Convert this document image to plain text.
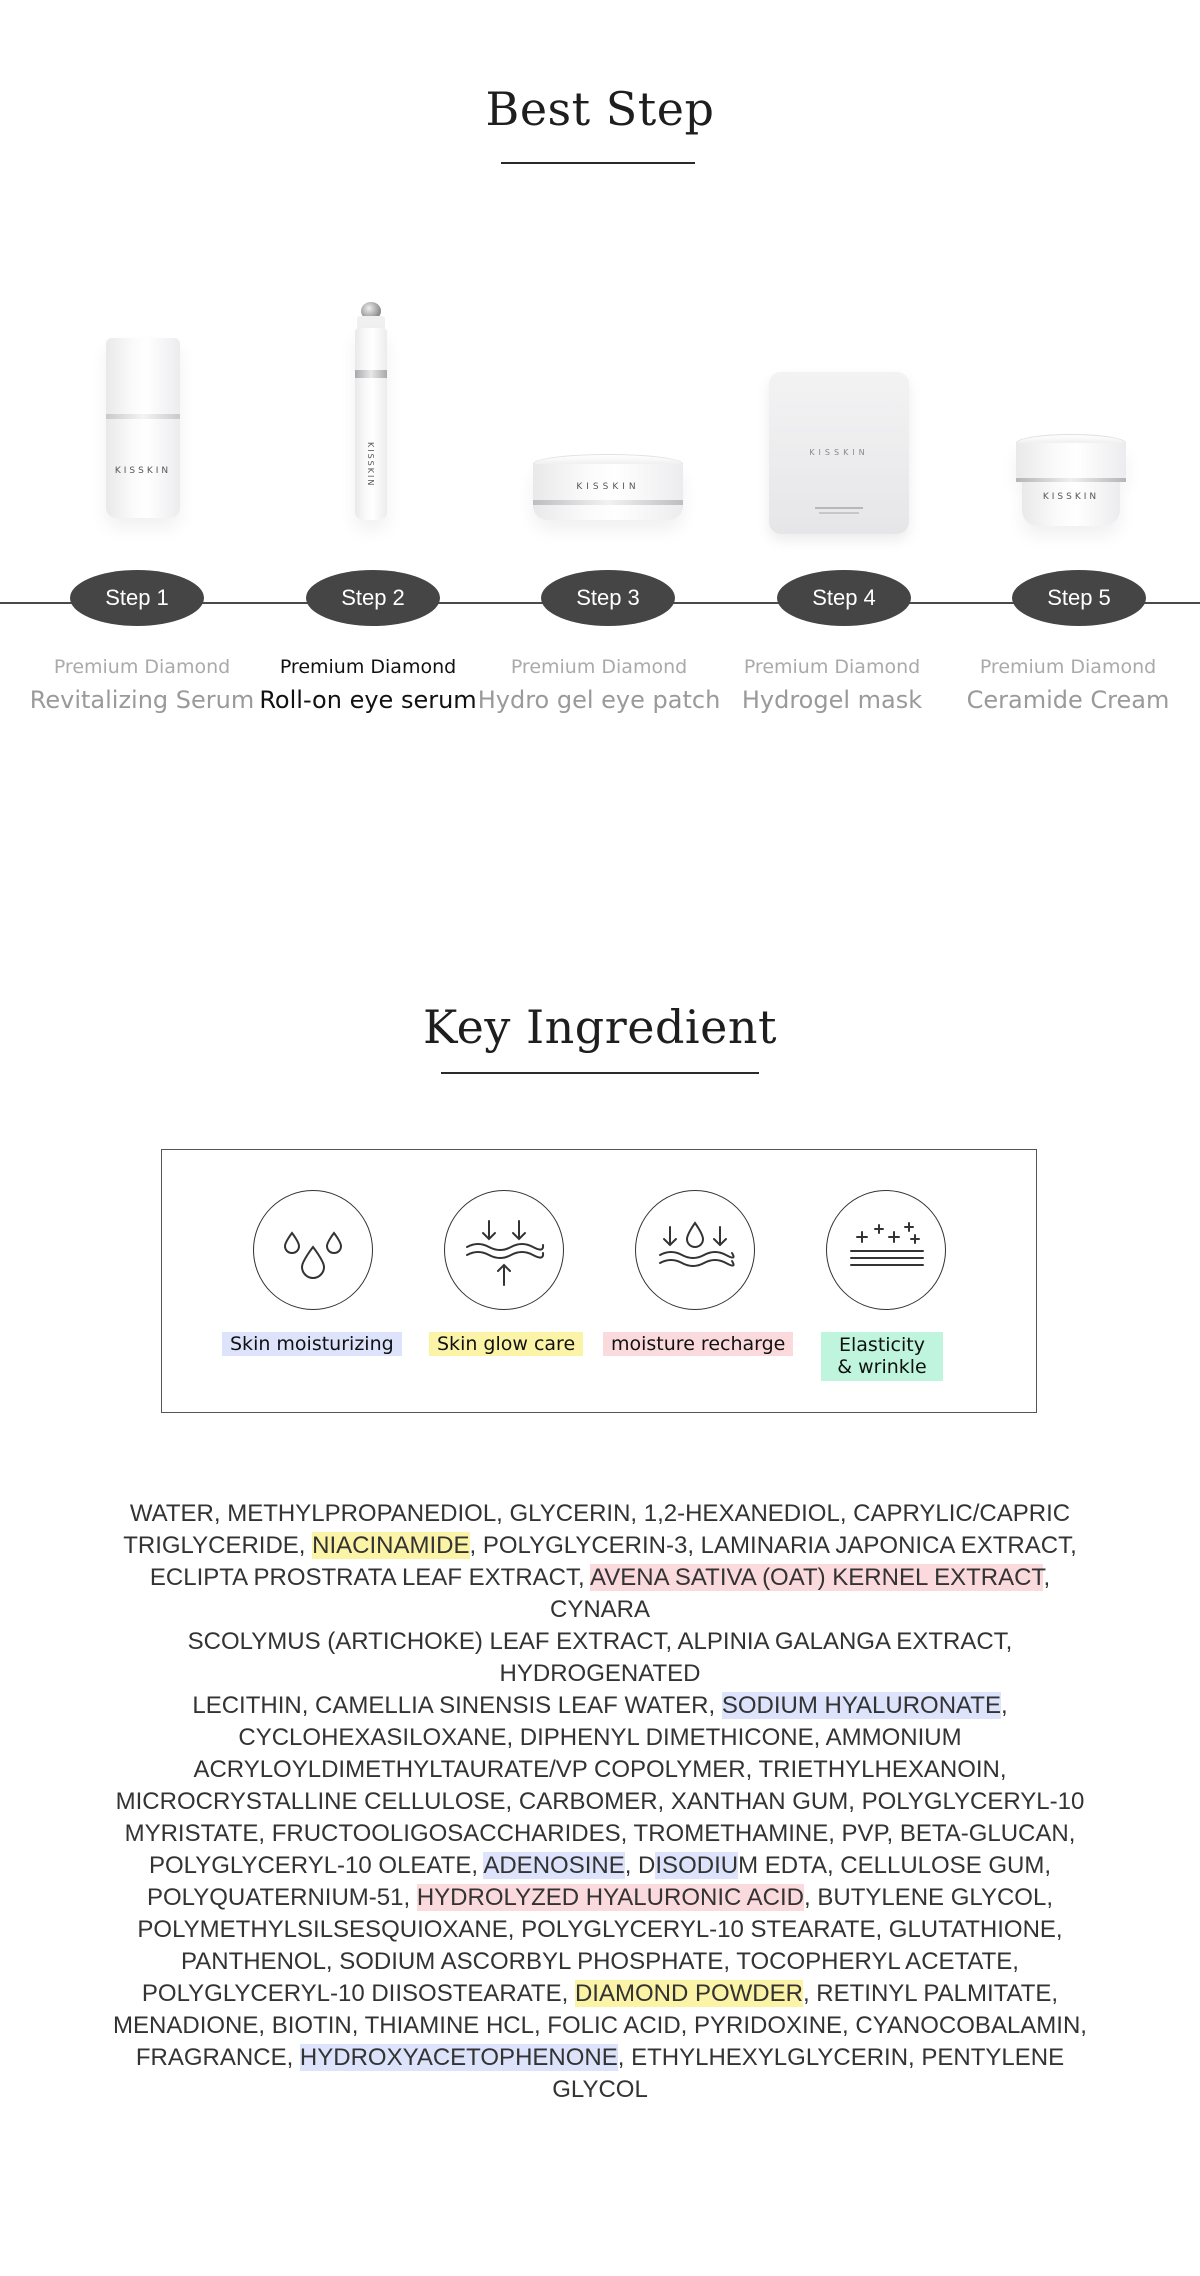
Best Step
KISSKIN	KISSKIN	KISSKIN
KISSKIN
KISSKIN
Step 1	Step 2	Step 3	Step 4	Step 5
Premium Diamond
Revitalizing Serum
Premium Diamond
Roll-on eye serum
Premium Diamond
Hydro gel eye patch
Premium Diamond
Hydrogel mask
Premium Diamond
Ceramide Cream
Key Ingredient
Skin moisturizing	Skin glow care	moisture recharge	Elasticity
& wrinkle
WATER, METHYLPROPANEDIOL, GLYCERIN, 1,2-HEXANEDIOL, CAPRYLIC/CAPRIC
TRIGLYCERIDE, NIACINAMIDE, POLYGLYCERIN-3, LAMINARIA JAPONICA EXTRACT,
ECLIPTA PROSTRATA LEAF EXTRACT, AVENA SATIVA (OAT) KERNEL EXTRACT, CYNARA
SCOLYMUS (ARTICHOKE) LEAF EXTRACT, ALPINIA GALANGA EXTRACT, HYDROGENATED
LECITHIN, CAMELLIA SINENSIS LEAF WATER, SODIUM HYALURONATE,
CYCLOHEXASILOXANE, DIPHENYL DIMETHICONE, AMMONIUM
ACRYLOYLDIMETHYLTAURATE/VP COPOLYMER, TRIETHYLHEXANOIN,
MICROCRYSTALLINE CELLULOSE, CARBOMER, XANTHAN GUM, POLYGLYCERYL-10
MYRISTATE, FRUCTOOLIGOSACCHARIDES, TROMETHAMINE, PVP, BETA-GLUCAN,
POLYGLYCERYL-10 OLEATE, ADENOSINE, DISODIUM EDTA, CELLULOSE GUM,
POLYQUATERNIUM-51, HYDROLYZED HYALURONIC ACID, BUTYLENE GLYCOL,
POLYMETHYLSILSESQUIOXANE, POLYGLYCERYL-10 STEARATE, GLUTATHIONE,
PANTHENOL, SODIUM ASCORBYL PHOSPHATE, TOCOPHERYL ACETATE,
POLYGLYCERYL-10 DIISOSTEARATE, DIAMOND POWDER, RETINYL PALMITATE,
MENADIONE, BIOTIN, THIAMINE HCL, FOLIC ACID, PYRIDOXINE, CYANOCOBALAMIN,
FRAGRANCE, HYDROXYACETOPHENONE, ETHYLHEXYLGLYCERIN, PENTYLENE GLYCOL
